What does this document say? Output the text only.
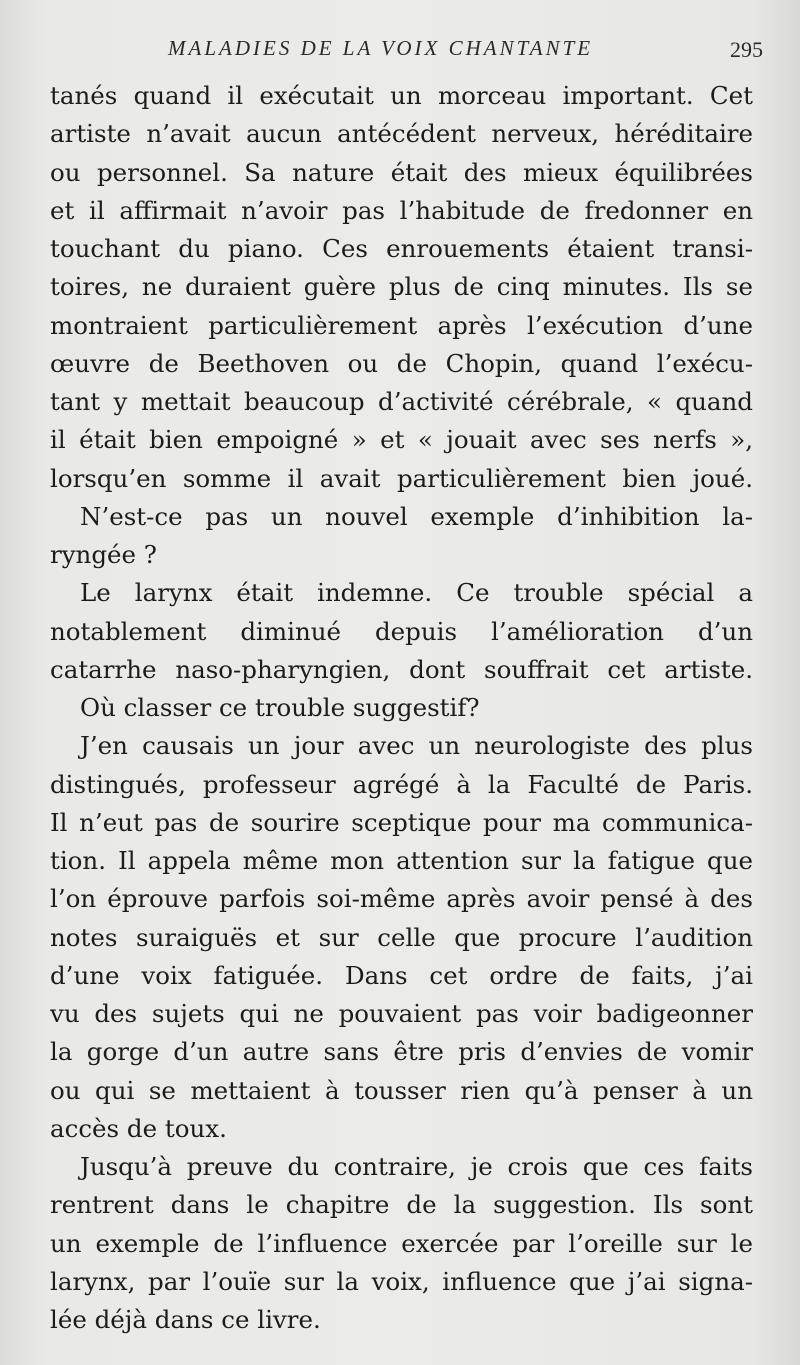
MALADIES DE LA VOIX CHANTANTE	295
tanés quand il exécutait un morceau important. Cet
artiste n’avait aucun antécédent nerveux, héréditaire
ou personnel. Sa nature était des mieux équilibrées
et il affirmait n’avoir pas l’habitude de fredonner en
touchant du piano. Ces enrouements étaient transi-
toires, ne duraient guère plus de cinq minutes. Ils se
montraient particulièrement après l’exécution d’une
œuvre de Beethoven ou de Chopin, quand l’exécu-
tant y mettait beaucoup d’activité cérébrale, « quand
il était bien empoigné » et « jouait avec ses nerfs »,
lorsqu’en somme il avait particulièrement bien joué.
N’est-ce pas un nouvel exemple d’inhibition la-
ryngée ?
Le larynx était indemne. Ce trouble spécial a
notablement diminué depuis l’amélioration d’un
catarrhe naso-pharyngien, dont souffrait cet artiste.
Où classer ce trouble suggestif?
J’en causais un jour avec un neurologiste des plus
distingués, professeur agrégé à la Faculté de Paris.
Il n’eut pas de sourire sceptique pour ma communica-
tion. Il appela même mon attention sur la fatigue que
l’on éprouve parfois soi-même après avoir pensé à des
notes suraiguës et sur celle que procure l’audition
d’une voix fatiguée. Dans cet ordre de faits, j’ai
vu des sujets qui ne pouvaient pas voir badigeonner
la gorge d’un autre sans être pris d’envies de vomir
ou qui se mettaient à tousser rien qu’à penser à un
accès de toux.
Jusqu’à preuve du contraire, je crois que ces faits
rentrent dans le chapitre de la suggestion. Ils sont
un exemple de l’influence exercée par l’oreille sur le
larynx, par l’ouïe sur la voix, influence que j’ai signa-
lée déjà dans ce livre.
